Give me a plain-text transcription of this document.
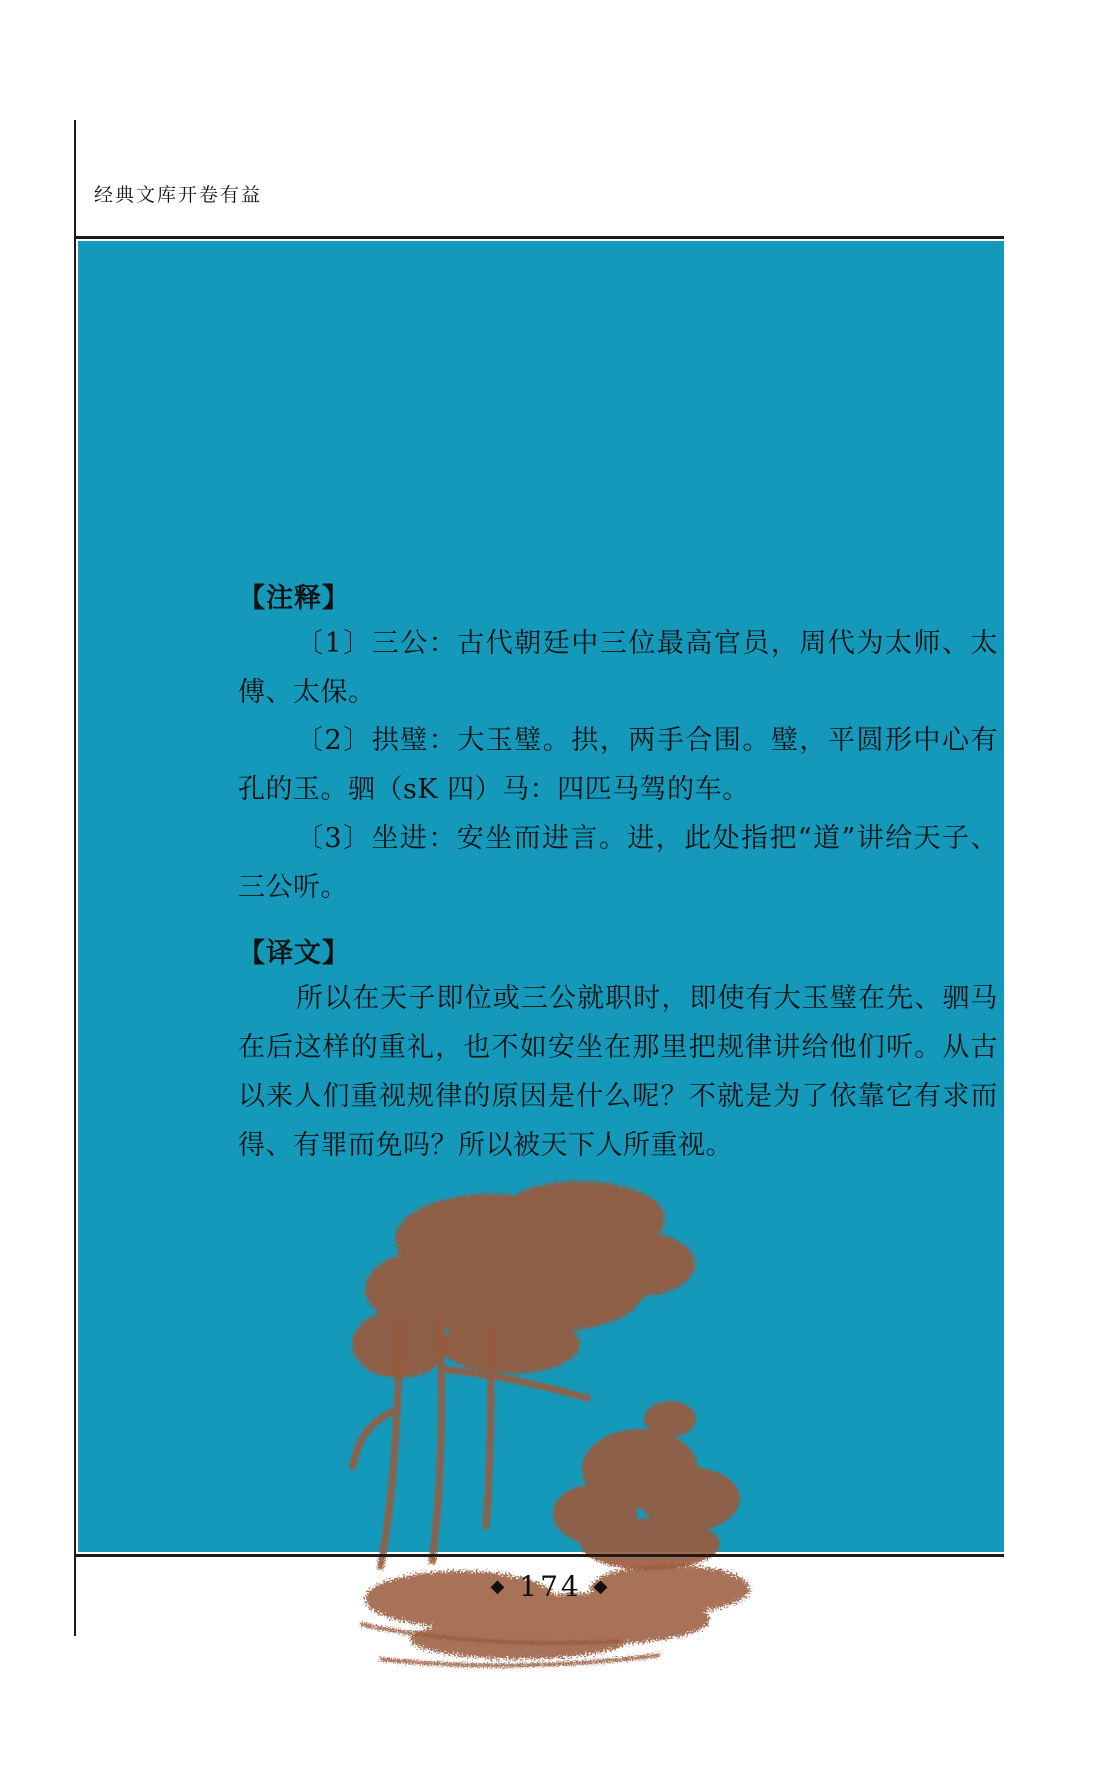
经典文库开卷有益
【注释】
〔1〕三公：古代朝廷中三位最高官员，周代为太师、太傅、太保。
〔2〕拱璧：大玉璧。拱，两手合围。璧，平圆形中心有孔的玉。驷（sK 四）马：四匹马驾的车。
〔3〕坐进：安坐而进言。进，此处指把“道”讲给天子、三公听。
【译文】
所以在天子即位或三公就职时，即使有大玉璧在先、驷马在后这样的重礼，也不如安坐在那里把规律讲给他们听。从古以来人们重视规律的原因是什么呢？不就是为了依靠它有求而得、有罪而免吗？所以被天下人所重视。
◆ 174 ◆
